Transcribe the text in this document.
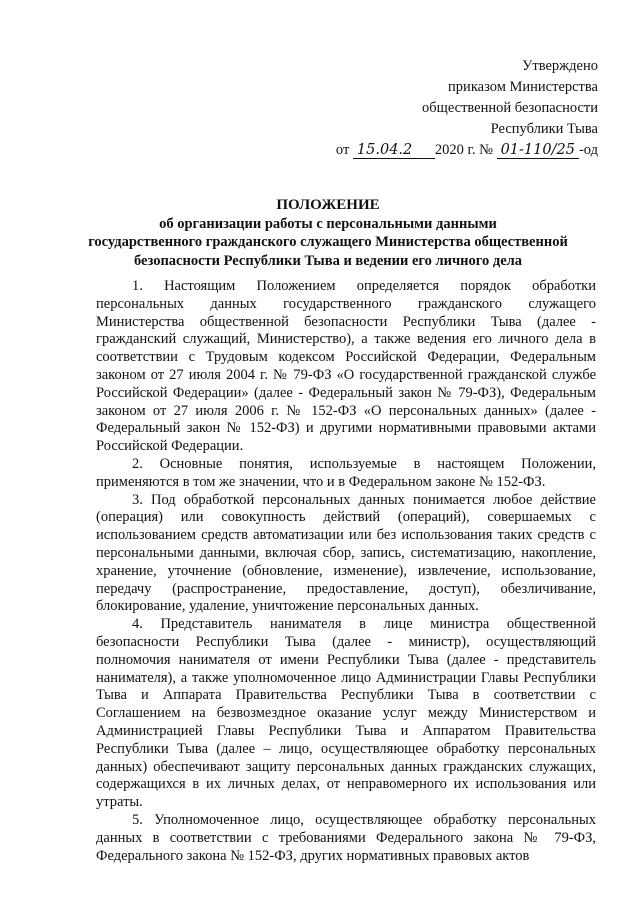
Утверждено
приказом Министерства
общественной безопасности
Республики Тыва
от 15.04.2 2020 г. № 01-110/25 -од
ПОЛОЖЕНИЕ
об организации работы с персональными данными
государственного гражданского служащего Министерства общественной
безопасности Республики Тыва и ведении его личного дела

1. Настоящим Положением определяется порядок обработки персональных данных государственного гражданского служащего Министерства общественной безопасности Республики Тыва (далее - гражданский служащий, Министерство), а также ведения его личного дела в соответствии с Трудовым кодексом Российской Федерации, Федеральным законом от 27 июля 2004 г. № 79-ФЗ «О государственной гражданской службе Российской Федерации» (далее - Федеральный закон № 79-ФЗ), Федеральным законом от 27 июля 2006 г. № 152-ФЗ «О персональных данных» (далее - Федеральный закон № 152-ФЗ) и другими нормативными правовыми актами Российской Федерации.

2. Основные понятия, используемые в настоящем Положении, применяются в том же значении, что и в Федеральном законе № 152-ФЗ.

3. Под обработкой персональных данных понимается любое действие (операция) или совокупность действий (операций), совершаемых с использованием средств автоматизации или без использования таких средств с персональными данными, включая сбор, запись, систематизацию, накопление, хранение, уточнение (обновление, изменение), извлечение, использование, передачу (распространение, предоставление, доступ), обезличивание, блокирование, удаление, уничтожение персональных данных.

4. Представитель нанимателя в лице министра общественной безопасности Республики Тыва (далее - министр), осуществляющий полномочия нанимателя от имени Республики Тыва (далее - представитель нанимателя), а также уполномоченное лицо Администрации Главы Республики Тыва и Аппарата Правительства Республики Тыва в соответствии с Соглашением на безвозмездное оказание услуг между Министерством и Администрацией Главы Республики Тыва и Аппаратом Правительства Республики Тыва (далее – лицо, осуществляющее обработку персональных данных) обеспечивают защиту персональных данных гражданских служащих, содержащихся в их личных делах, от неправомерного их использования или утраты.

5. Уполномоченное лицо, осуществляющее обработку персональных данных в соответствии с требованиями Федерального закона № 79-ФЗ, Федерального закона № 152-ФЗ, других нормативных правовых актов
